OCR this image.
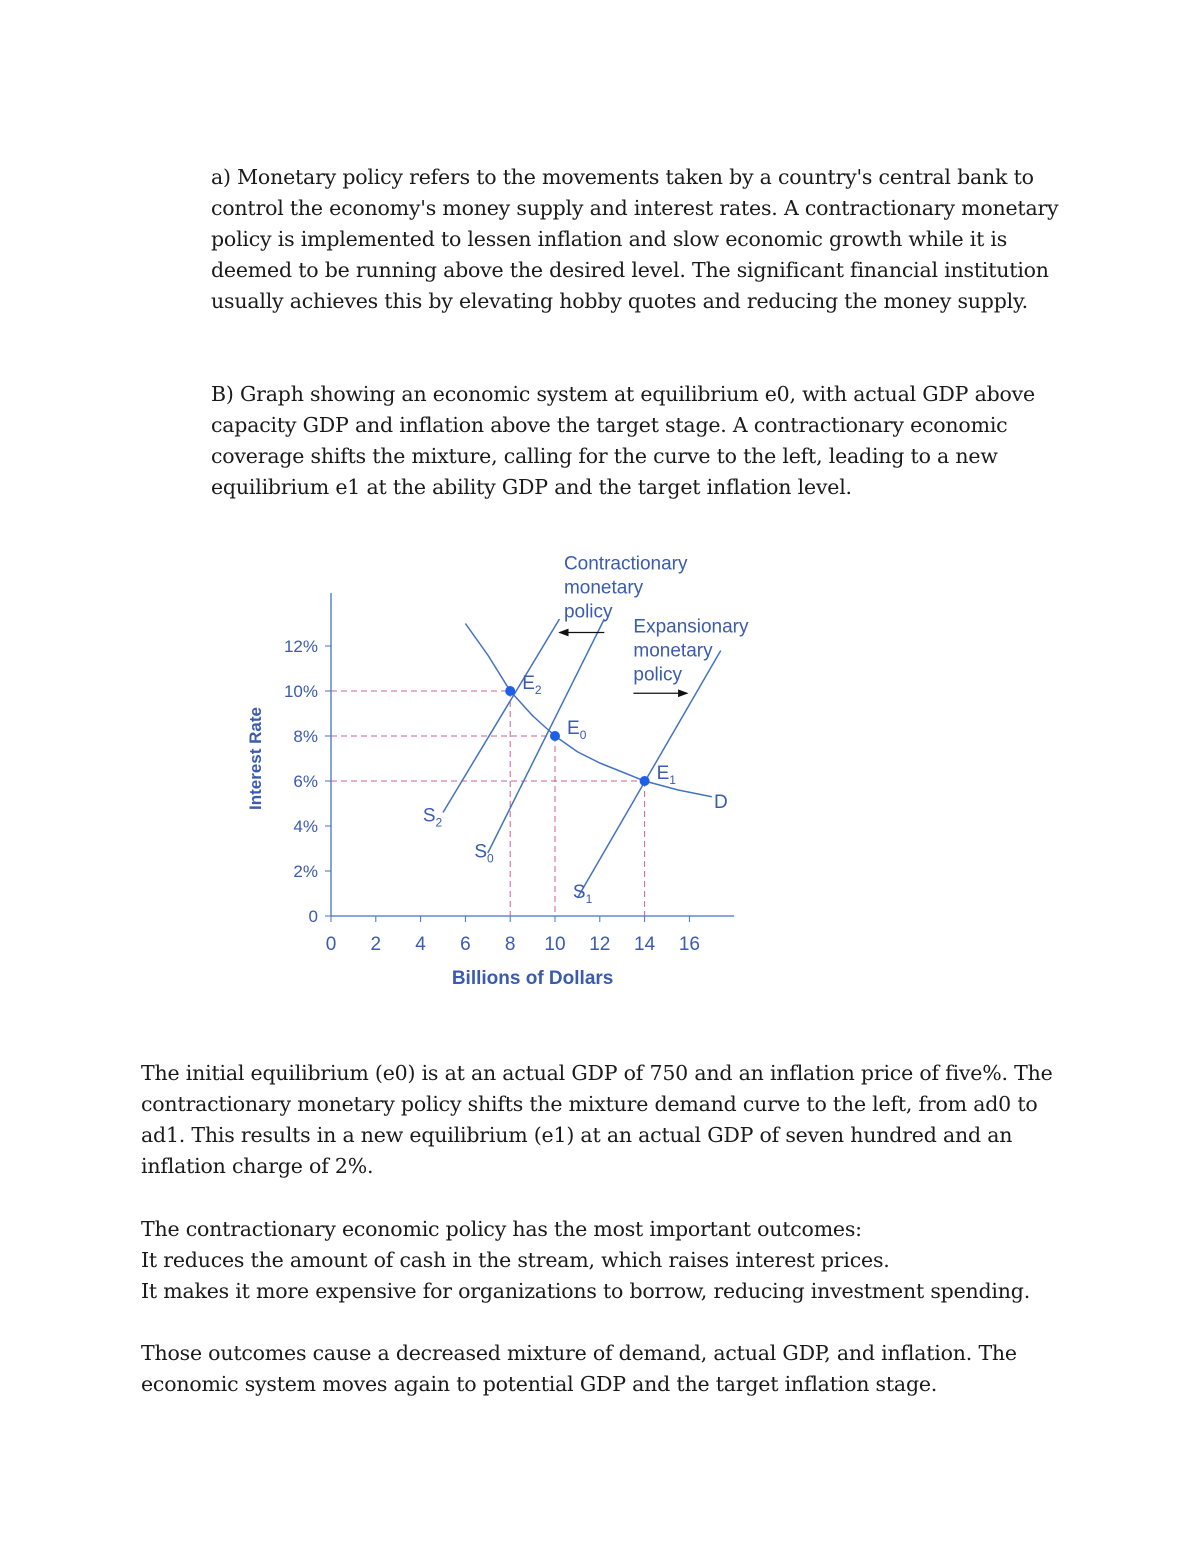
a) Monetary policy refers to the movements taken by a country's central bank to control the economy's money supply and interest rates. A contractionary monetary policy is implemented to lessen inflation and slow economic growth while it is deemed to be running above the desired level. The significant financial institution usually achieves this by elevating hobby quotes and reducing the money supply.

B) Graph showing an economic system at equilibrium e0, with actual GDP above capacity GDP and inflation above the target stage. A contractionary economic coverage shifts the mixture, calling for the curve to the left, leading to a new equilibrium e1 at the ability GDP and the target inflation level.

0 2 4 6 8 10 12 14 16
0
2%
4%
6%
8%
10%
12%
Billions of Dollars
Interest Rate
$S_2$
$S_0$
$S_1$
D
$E_2$
$E_0$
$E_1$
Contractionary
monetary
policy
Expansionary
monetary
policy

The initial equilibrium (e0) is at an actual GDP of 750 and an inflation price of five%. The contractionary monetary policy shifts the mixture demand curve to the left, from ad0 to ad1. This results in a new equilibrium (e1) at an actual GDP of seven hundred and an inflation charge of 2%.

The contractionary economic policy has the most important outcomes:
It reduces the amount of cash in the stream, which raises interest prices.
It makes it more expensive for organizations to borrow, reducing investment spending.

Those outcomes cause a decreased mixture of demand, actual GDP, and inflation. The economic system moves again to potential GDP and the target inflation stage.
